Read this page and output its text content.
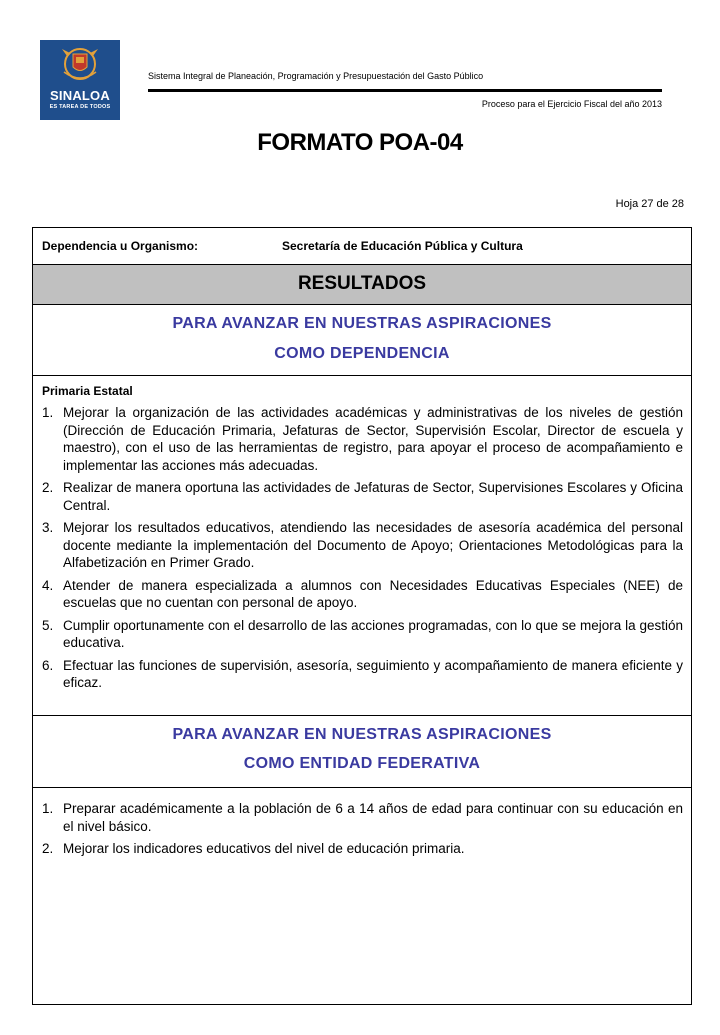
SINALOA
ES TAREA DE TODOS
Sistema Integral de Planeación, Programación y Presupuestación del Gasto Público
Proceso para el Ejercicio Fiscal del año 2013
FORMATO POA-04
Hoja 27 de 28
Dependencia u Organismo:	Secretaría de Educación Pública y Cultura
RESULTADOS
PARA AVANZAR EN NUESTRAS ASPIRACIONES
COMO DEPENDENCIA
Primaria Estatal
1. Mejorar la organización de las actividades académicas y administrativas de los niveles de gestión (Dirección de Educación Primaria, Jefaturas de Sector, Supervisión Escolar, Director de escuela y maestro), con el uso de las herramientas de registro, para apoyar el proceso de acompañamiento e implementar las acciones más adecuadas.
2. Realizar de manera oportuna las actividades de Jefaturas de Sector, Supervisiones Escolares y Oficina Central.
3. Mejorar los resultados educativos, atendiendo las necesidades de asesoría académica del personal docente mediante la implementación del Documento de Apoyo; Orientaciones Metodológicas para la Alfabetización en Primer Grado.
4. Atender de manera especializada a alumnos con Necesidades Educativas Especiales (NEE) de escuelas que no cuentan con personal de apoyo.
5. Cumplir oportunamente con el desarrollo de las acciones programadas, con lo que se mejora la gestión educativa.
6. Efectuar las funciones de supervisión, asesoría, seguimiento y acompañamiento de manera eficiente y eficaz.
PARA AVANZAR EN NUESTRAS ASPIRACIONES
COMO ENTIDAD FEDERATIVA
1. Preparar académicamente a la población de 6 a 14 años de edad para continuar con su educación en el nivel básico.
2. Mejorar los indicadores educativos del nivel de educación primaria.
